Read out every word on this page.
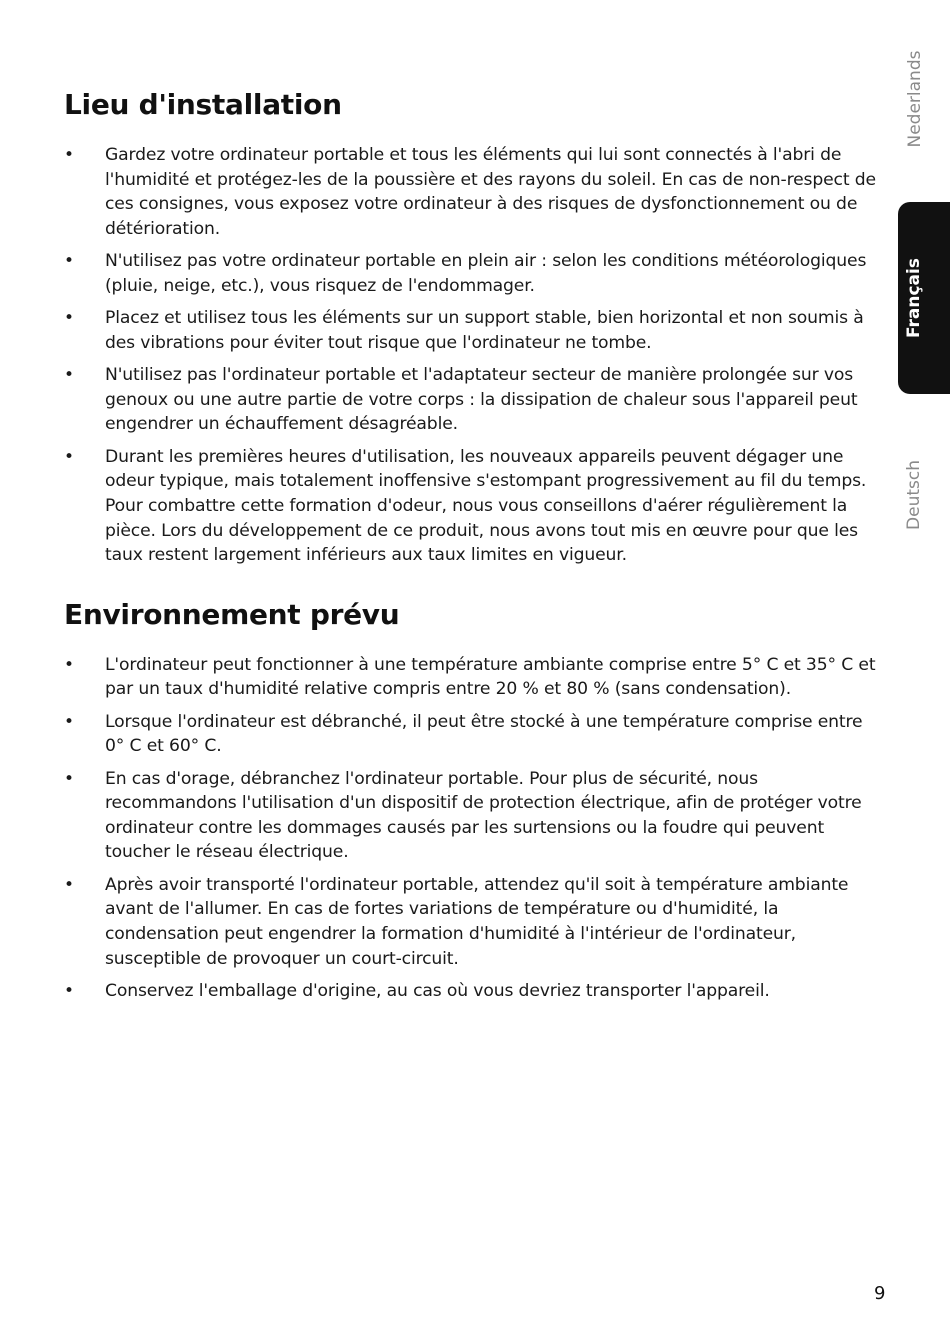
Lieu d'installation
• Gardez votre ordinateur portable et tous les éléments qui lui sont connectés à l'abri de l'humidité et protégez-les de la poussière et des rayons du soleil. En cas de non-respect de ces consignes, vous exposez votre ordinateur à des risques de dysfonctionnement ou de détérioration.
• N'utilisez pas votre ordinateur portable en plein air : selon les conditions météorologiques (pluie, neige, etc.), vous risquez de l'endommager.
• Placez et utilisez tous les éléments sur un support stable, bien horizontal et non soumis à des vibrations pour éviter tout risque que l'ordinateur ne tombe.
• N'utilisez pas l'ordinateur portable et l'adaptateur secteur de manière prolongée sur vos genoux ou une autre partie de votre corps : la dissipation de chaleur sous l'appareil peut engendrer un échauffement désagréable.
• Durant les premières heures d'utilisation, les nouveaux appareils peuvent dégager une odeur typique, mais totalement inoffensive s'estompant progressivement au fil du temps. Pour combattre cette formation d'odeur, nous vous conseillons d'aérer régulièrement la pièce. Lors du développement de ce produit, nous avons tout mis en œuvre pour que les taux restent largement inférieurs aux taux limites en vigueur.
Environnement prévu
• L'ordinateur peut fonctionner à une température ambiante comprise entre 5° C et 35° C et par un taux d'humidité relative compris entre 20 % et 80 % (sans condensation).
• Lorsque l'ordinateur est débranché, il peut être stocké à une température comprise entre 0° C et 60° C.
• En cas d'orage, débranchez l'ordinateur portable. Pour plus de sécurité, nous recommandons l'utilisation d'un dispositif de protection électrique, afin de protéger votre ordinateur contre les dommages causés par les surtensions ou la foudre qui peuvent toucher le réseau électrique.
• Après avoir transporté l'ordinateur portable, attendez qu'il soit à température ambiante avant de l'allumer. En cas de fortes variations de température ou d'humidité, la condensation peut engendrer la formation d'humidité à l'intérieur de l'ordinateur, susceptible de provoquer un court-circuit.
• Conservez l'emballage d'origine, au cas où vous devriez transporter l'appareil.
Nederlands
Français
Deutsch
9
